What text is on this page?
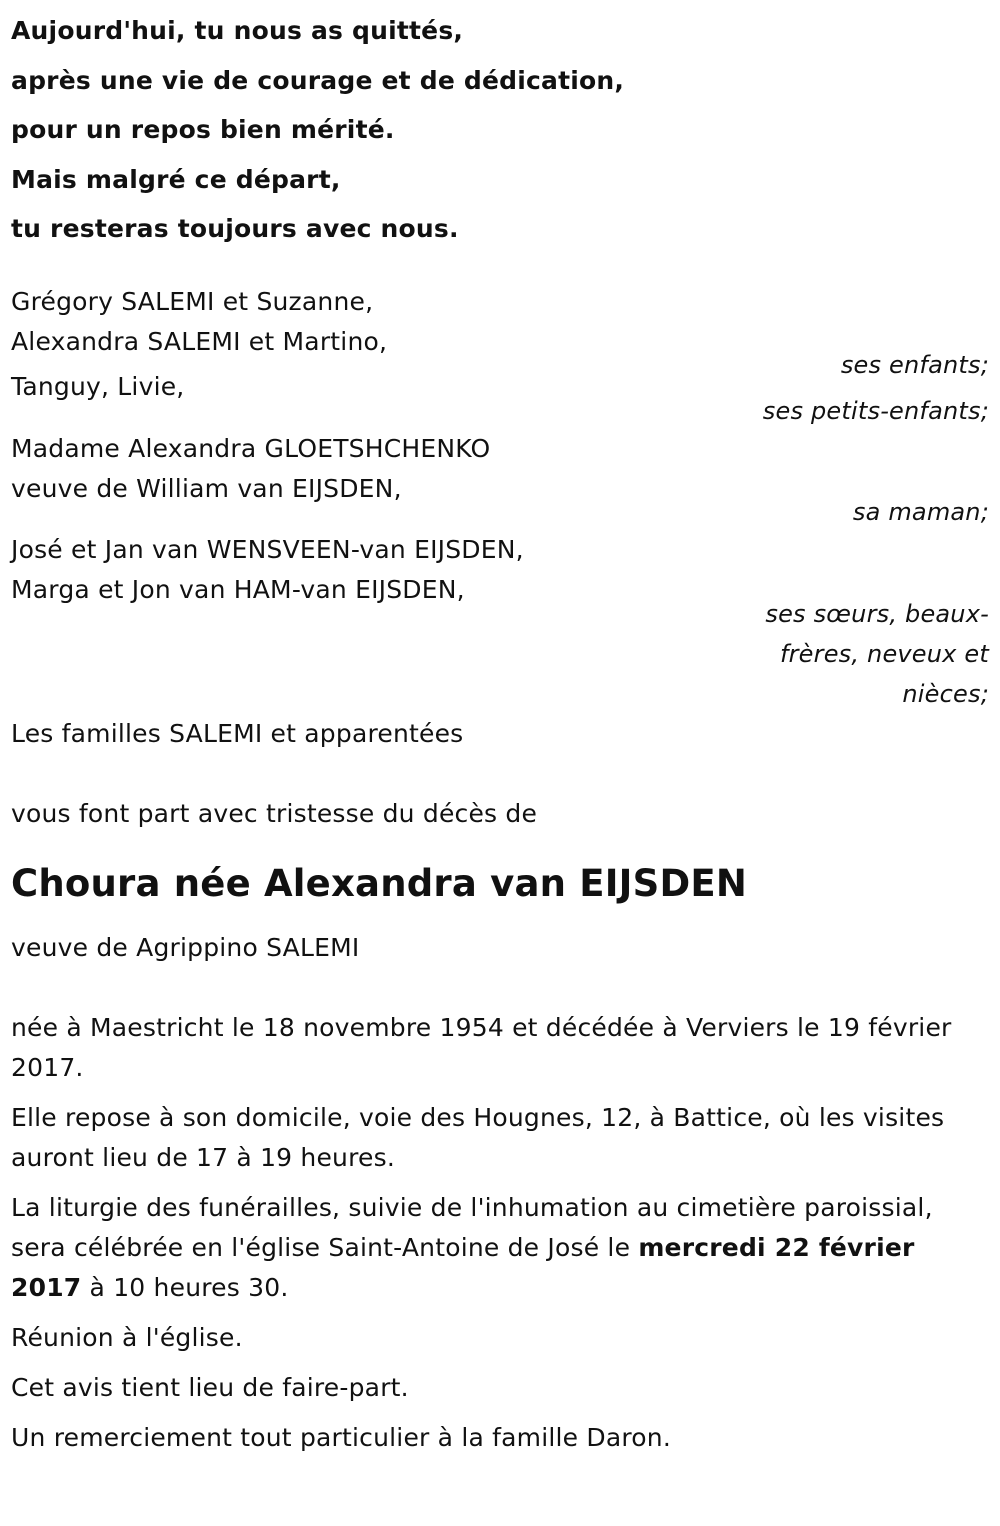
Aujourd'hui, tu nous as quittés,
après une vie de courage et de dédication,
pour un repos bien mérité.
Mais malgré ce départ,
tu resteras toujours avec nous.
Grégory SALEMI et Suzanne,
Alexandra SALEMI et Martino,
ses enfants;
Tanguy, Livie,
ses petits-enfants;
Madame Alexandra GLOETSHCHENKO
veuve de William van EIJSDEN,
sa maman;
José et Jan van WENSVEEN-van EIJSDEN,
Marga et Jon van HAM-van EIJSDEN,
ses sœurs, beaux-frères, neveux et nièces;
Les familles SALEMI et apparentées
vous font part avec tristesse du décès de
Choura née Alexandra van EIJSDEN
veuve de Agrippino SALEMI
née à Maestricht le 18 novembre 1954 et décédée à Verviers le 19 février 2017.
Elle repose à son domicile, voie des Hougnes, 12, à Battice, où les visites auront lieu de 17 à 19 heures.
La liturgie des funérailles, suivie de l'inhumation au cimetière paroissial, sera célébrée en l'église Saint-Antoine de José le mercredi 22 février 2017 à 10 heures 30.
Réunion à l'église.
Cet avis tient lieu de faire-part.
Un remerciement tout particulier à la famille Daron.
